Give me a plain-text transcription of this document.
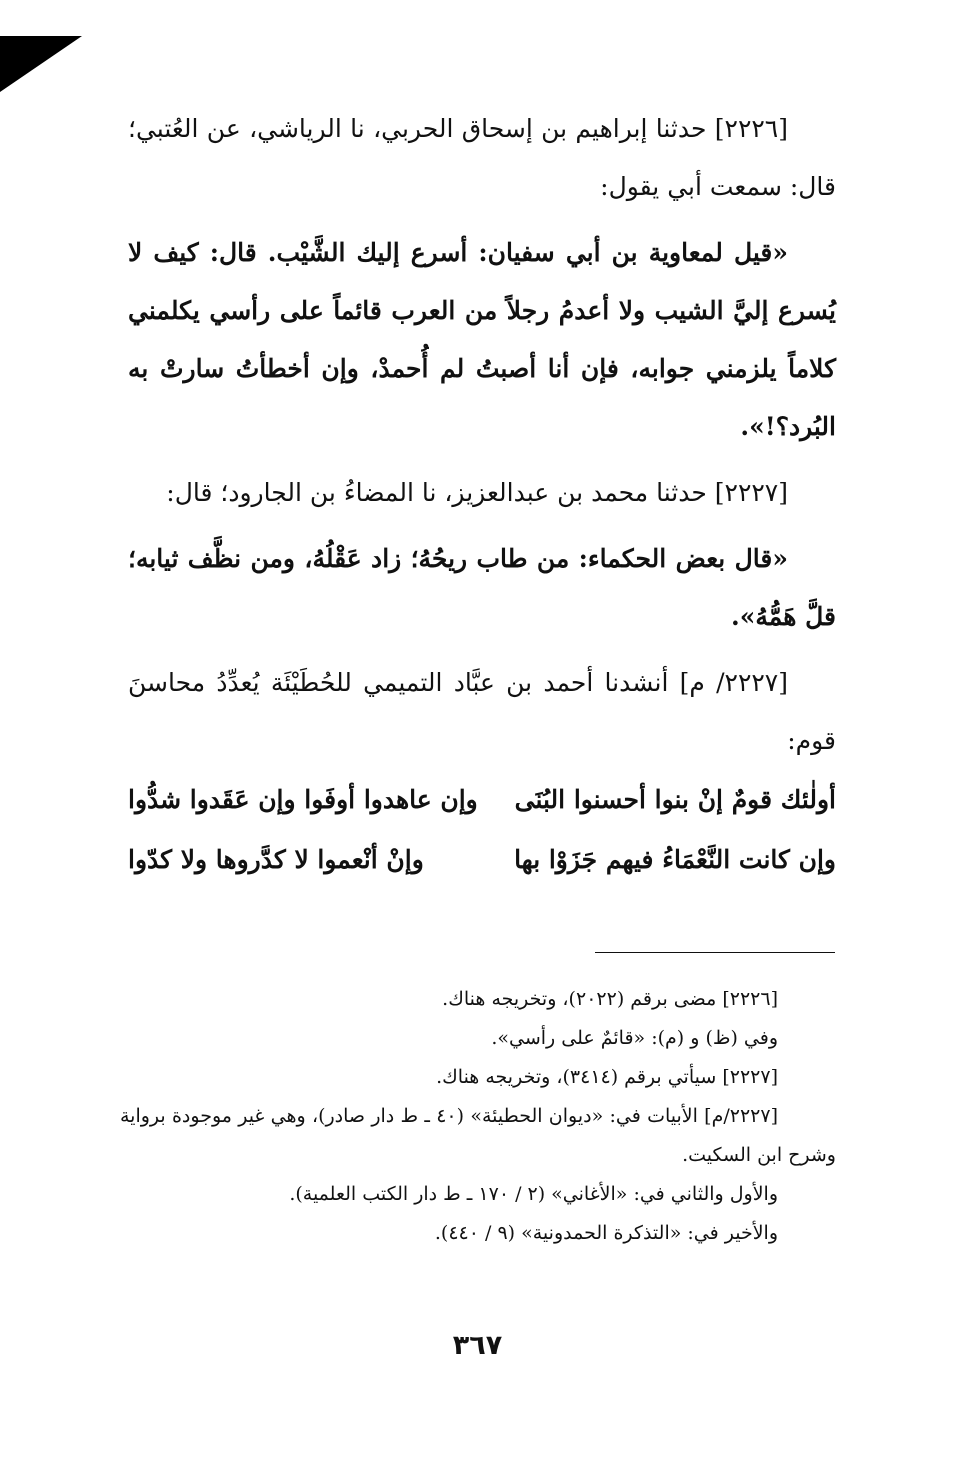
[٢٢٢٦] حدثنا إبراهيم بن إسحاق الحربي، نا الرياشي، عن العُتبي؛ قال: سمعت أبي يقول:

«قيل لمعاوية بن أبي سفيان: أسرع إليك الشَّيْب. قال: كيف لا يُسرع إليَّ الشيب ولا أعدمُ رجلاً من العرب قائماً على رأسي يكلمني كلاماً يلزمني جوابه، فإن أنا أصبتُ لم أُحمدْ، وإن أخطأتُ سارتْ به البُرد؟!».

[٢٢٢٧] حدثنا محمد بن عبدالعزيز، نا المضاءُ بن الجارود؛ قال:

«قال بعض الحكماء: من طاب ريحُهُ؛ زاد عَقْلُهُ، ومن نظَّف ثيابه؛ قلَّ هَمُّهُ».

[٢٢٢٧/ م] أنشدنا أحمد بن عبَّاد التميمي للحُطَيْئَة يُعدِّدُ محاسنَ قوم:

أولٰئك قومٌ إنْ بنوا أحسنوا البُنَى
وإن عاهدوا أوفَوا وإن عَقَدوا شدُّوا
وإن كانت النَّعْمَاءُ فيهم جَزَوْا بها
وإنْ أنْعموا لا كدَّروها ولا كدّوا

[٢٢٢٦] مضى برقم (٢٠٢٢)، وتخريجه هناك.

وفي (ظ) و (م): «قائمٌ على رأسي».

[٢٢٢٧] سيأتي برقم (٣٤١٤)، وتخريجه هناك.

[٢٢٢٧/م] الأبيات في: «ديوان الحطيئة» (٤٠ ـ ط دار صادر)، وهي غير موجودة برواية وشرح ابن السكيت.

والأول والثاني في: «الأغاني» (٢ / ١٧٠ ـ ط دار الكتب العلمية).

والأخير في: «التذكرة الحمدونية» (٩ / ٤٤٠).

٣٦٧
